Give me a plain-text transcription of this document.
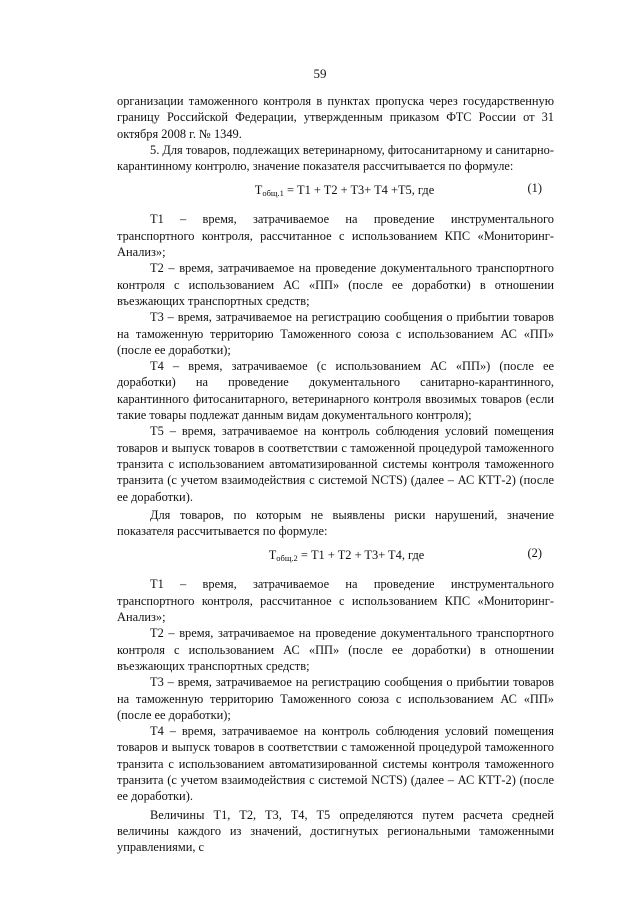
59

организации таможенного контроля в пунктах пропуска через государственную границу Российской Федерации, утвержденным приказом ФТС России от 31 октября 2008 г. № 1349.

5. Для товаров, подлежащих ветеринарному, фитосанитарному и санитарно-карантинному контролю, значение показателя рассчитывается по формуле:

$T_{общ.1} = T1 + T2 + T3+ T4 +T5$, где	(1)

T1 – время, затрачиваемое на проведение инструментального транспортного контроля, рассчитанное с использованием КПС «Мониторинг-Анализ»;

T2 – время, затрачиваемое на проведение документального транспортного контроля с использованием АС «ПП» (после ее доработки) в отношении въезжающих транспортных средств;

T3 – время, затрачиваемое на регистрацию сообщения о прибытии товаров на таможенную территорию Таможенного союза с использованием АС «ПП» (после ее доработки);

T4 – время, затрачиваемое (с использованием АС «ПП») (после ее доработки) на проведение документального санитарно-карантинного, карантинного фитосанитарного, ветеринарного контроля ввозимых товаров (если такие товары подлежат данным видам документального контроля);

T5 – время, затрачиваемое на контроль соблюдения условий помещения товаров и выпуск товаров в соответствии с таможенной процедурой таможенного транзита с использованием автоматизированной системы контроля таможенного транзита (с учетом взаимодействия с системой NCTS) (далее – АС КТТ-2) (после ее доработки).

Для товаров, по которым не выявлены риски нарушений, значение показателя рассчитывается по формуле:

$T_{общ.2} = T1 + T2 + T3+ T4$, где	(2)

T1 – время, затрачиваемое на проведение инструментального транспортного контроля, рассчитанное с использованием КПС «Мониторинг-Анализ»;

T2 – время, затрачиваемое на проведение документального транспортного контроля с использованием АС «ПП» (после ее доработки) в отношении въезжающих транспортных средств;

T3 – время, затрачиваемое на регистрацию сообщения о прибытии товаров на таможенную территорию Таможенного союза с использованием АС «ПП» (после ее доработки);

T4 – время, затрачиваемое на контроль соблюдения условий помещения товаров и выпуск товаров в соответствии с таможенной процедурой таможенного транзита с использованием автоматизированной системы контроля таможенного транзита (с учетом взаимодействия с системой NCTS) (далее – АС КТТ-2) (после ее доработки).

Величины T1, T2, T3, T4, T5 определяются путем расчета средней величины каждого из значений, достигнутых региональными таможенными управлениями, с
